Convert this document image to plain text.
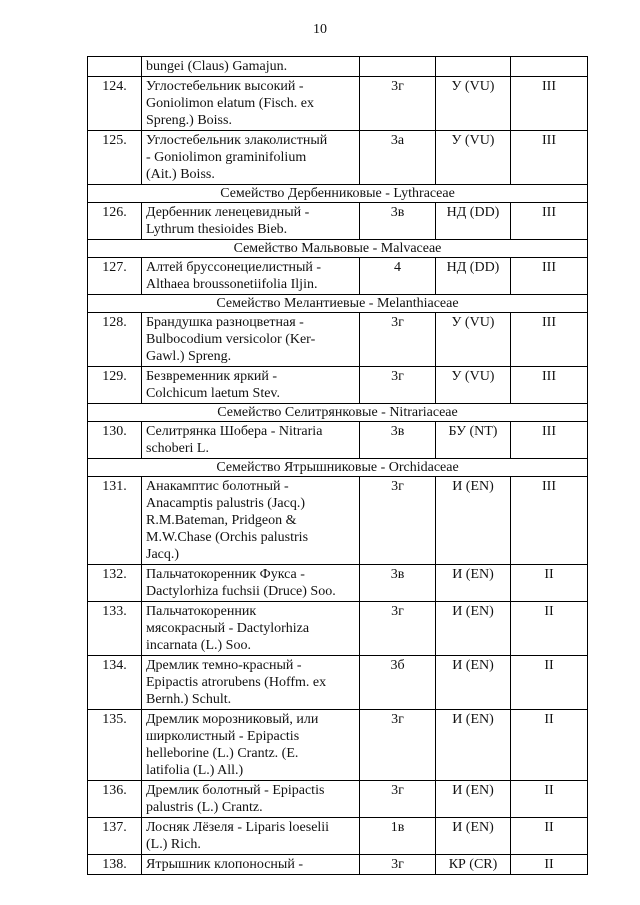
10
	bungei (Claus) Gamajun.			
124.	Углостебельник высокий -
Goniolimon elatum (Fisch. ex
Spreng.) Boiss.	3г	У (VU)	III
125.	Углостебельник злаколистный
- Goniolimon graminifolium
(Ait.) Boiss.	3а	У (VU)	III
Семейство Дербенниковые - Lythraceae				
126.	Дербенник ленецевидный -
Lythrum thesioides Bieb.	3в	НД (DD)	III
Семейство Мальвовые - Malvaceae				
127.	Алтей бруссонециелистный -
Althaea broussonetiifolia Iljin.	4	НД (DD)	III
Семейство Мелантиевые - Melanthiaceae				
128.	Брандушка разноцветная -
Bulbocodium versicolor (Ker-
Gawl.) Spreng.	3г	У (VU)	III
129.	Безвременник яркий -
Colchicum laetum Stev.	3г	У (VU)	III
Семейство Селитрянковые - Nitrariaceae				
130.	Селитрянка Шобера - Nitraria
schoberi L.	3в	БУ (NT)	III
Семейство Ятрышниковые - Orchidaceae				
131.	Анакамптис болотный -
Anacamptis palustris (Jacq.)
R.M.Bateman, Pridgeon &
M.W.Chase (Orchis palustris
Jacq.)	3г	И (EN)	III
132.	Пальчатокоренник Фукса -
Dactylorhiza fuchsii (Druce) Soo.	3в	И (EN)	II
133.	Пальчатокоренник
мясокрасный - Dactylorhiza
incarnata (L.) Soo.	3г	И (EN)	II
134.	Дремлик темно-красный -
Epipactis atrorubens (Hoffm. ex
Bernh.) Schult.	3б	И (EN)	II
135.	Дремлик морозниковый, или
ширколистный - Epipactis
helleborine (L.) Crantz. (E.
latifolia (L.) All.)	3г	И (EN)	II
136.	Дремлик болотный - Epipactis
palustris (L.) Crantz.	3г	И (EN)	II
137.	Лосняк Лёзеля - Liparis loeselii
(L.) Rich.	1в	И (EN)	II
138.	Ятрышник клопоносный -	3г	КР (CR)	II
